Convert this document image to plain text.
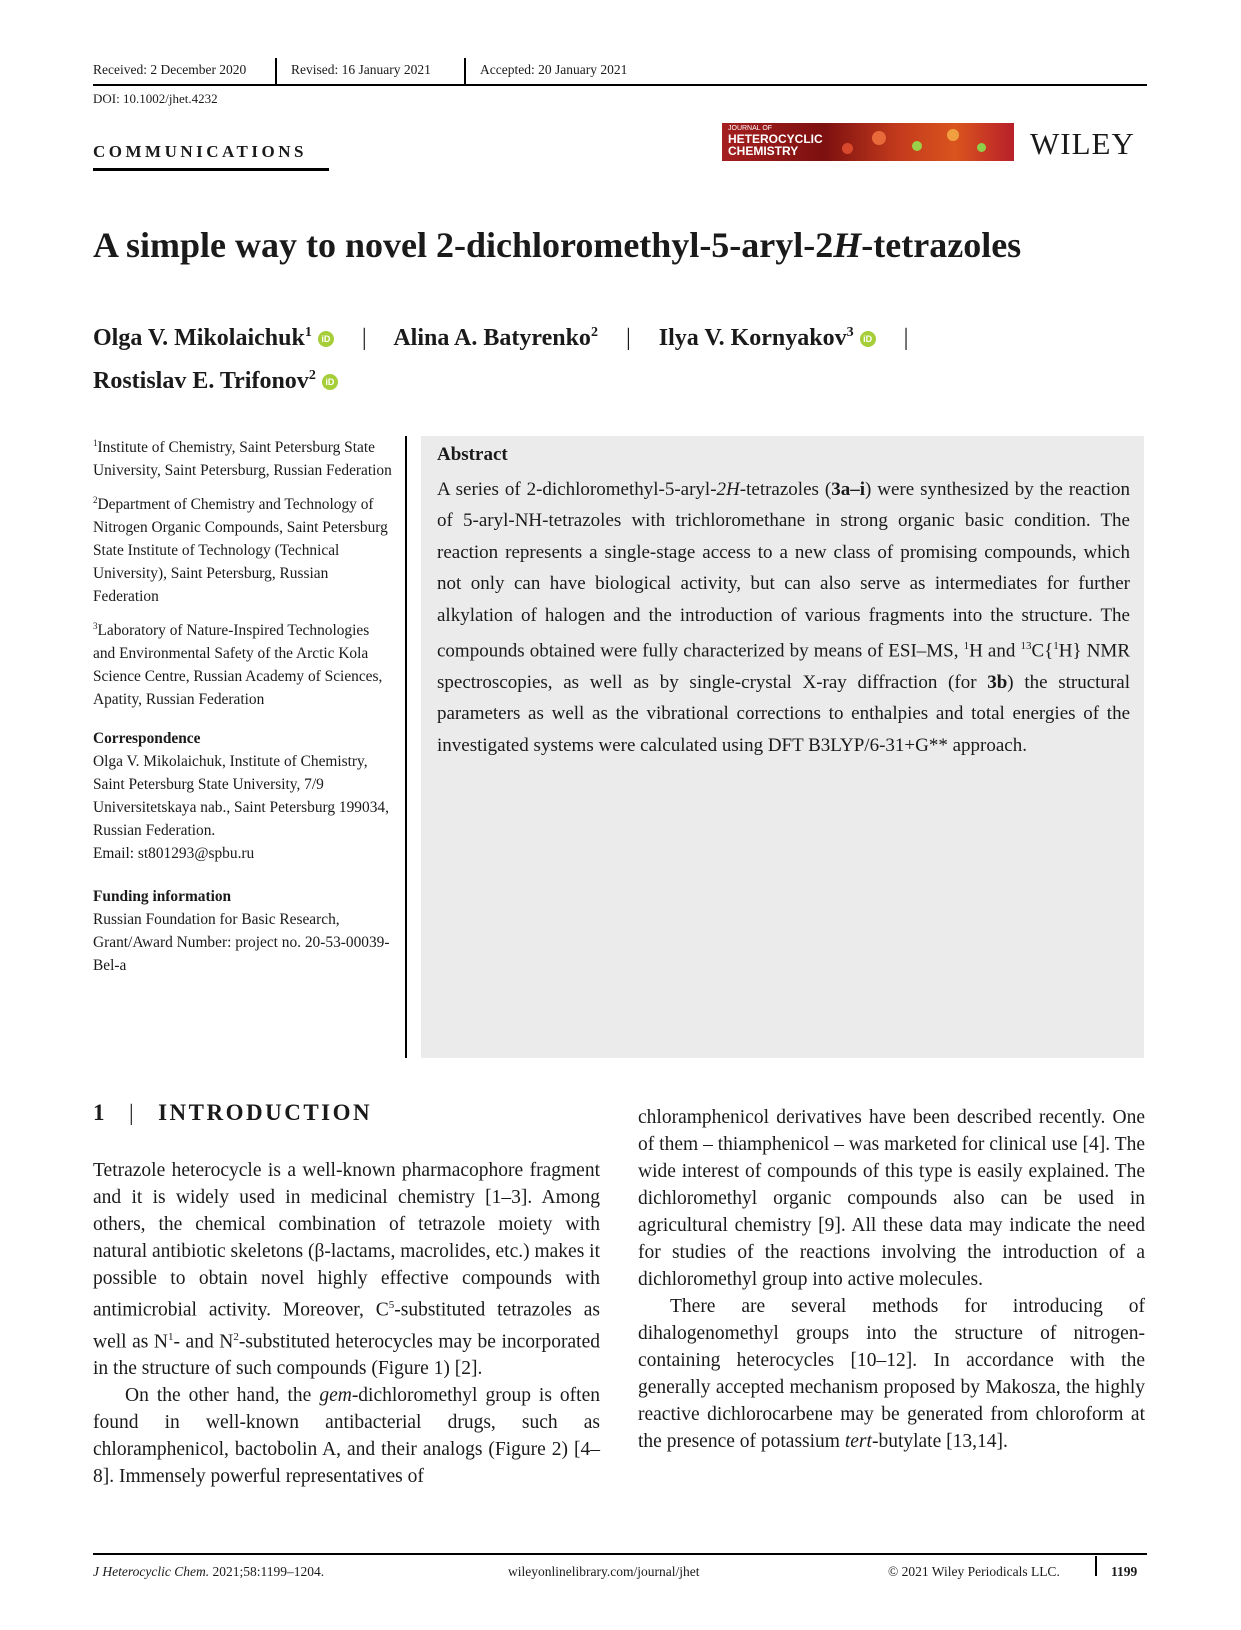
Received: 2 December 2020	Revised: 16 January 2021	Accepted: 20 January 2021
DOI: 10.1002/jhet.4232
COMMUNICATIONS
JOURNAL OF
HETEROCYCLIC
CHEMISTRY	WILEY
A simple way to novel 2-dichloromethyl-5-aryl-2H-tetrazoles
Olga V. Mikolaichuk$^1$ iD | Alina A. Batyrenko$^2$ | Ilya V. Kornyakov$^3$ iD |
Rostislav E. Trifonov$^2$ iD

$^1$Institute of Chemistry, Saint Petersburg State University, Saint Petersburg, Russian Federation

$^2$Department of Chemistry and Technology of Nitrogen Organic Compounds, Saint Petersburg State Institute of Technology (Technical University), Saint Petersburg, Russian Federation

$^3$Laboratory of Nature-Inspired Technologies and Environmental Safety of the Arctic Kola Science Centre, Russian Academy of Sciences, Apatity, Russian Federation

Correspondence
Olga V. Mikolaichuk, Institute of Chemistry, Saint Petersburg State University, 7/9 Universitetskaya nab., Saint Petersburg 199034, Russian Federation.
Email: st801293@spbu.ru
Funding information
Russian Foundation for Basic Research, Grant/Award Number: project no. 20-53-00039-Bel-a
Abstract
A series of 2-dichloromethyl-5-aryl-2H-tetrazoles (3a–i) were synthesized by the reaction of 5-aryl-NH-tetrazoles with trichloromethane in strong organic basic condition. The reaction represents a single-stage access to a new class of promising compounds, which not only can have biological activity, but can also serve as intermediates for further alkylation of halogen and the introduction of various fragments into the structure. The compounds obtained were fully characterized by means of ESI–MS, $^1$H and $^{13}$C{$^1$H} NMR spectroscopies, as well as by single-crystal X-ray diffraction (for 3b) the structural parameters as well as the vibrational corrections to enthalpies and total energies of the investigated systems were calculated using DFT B3LYP/6-31+G** approach.
1 | INTRODUCTION

Tetrazole heterocycle is a well-known pharmacophore fragment and it is widely used in medicinal chemistry [1–3]. Among others, the chemical combination of tetrazole moiety with natural antibiotic skeletons (β-lactams, macrolides, etc.) makes it possible to obtain novel highly effective compounds with antimicrobial activity. Moreover, $C^5$-substituted tetrazoles as well as $N^1-$ and $N^2$-substituted heterocycles may be incorporated in the structure of such compounds (Figure 1) [2].

On the other hand, the gem-dichloromethyl group is often found in well-known antibacterial drugs, such as chloramphenicol, bactobolin A, and their analogs (Figure 2) [4–8]. Immensely powerful representatives of

chloramphenicol derivatives have been described recently. One of them – thiamphenicol – was marketed for clinical use [4]. The wide interest of compounds of this type is easily explained. The dichloromethyl organic compounds also can be used in agricultural chemistry [9]. All these data may indicate the need for studies of the reactions involving the introduction of a dichloromethyl group into active molecules.

There are several methods for introducing of dihalogenomethyl groups into the structure of nitrogen-containing heterocycles [10–12]. In accordance with the generally accepted mechanism proposed by Makosza, the highly reactive dichlorocarbene may be generated from chloroform at the presence of potassium tert-butylate [13,14].

J Heterocyclic Chem. 2021;58:1199–1204.	wileyonlinelibrary.com/journal/jhet	© 2021 Wiley Periodicals LLC.	1199
